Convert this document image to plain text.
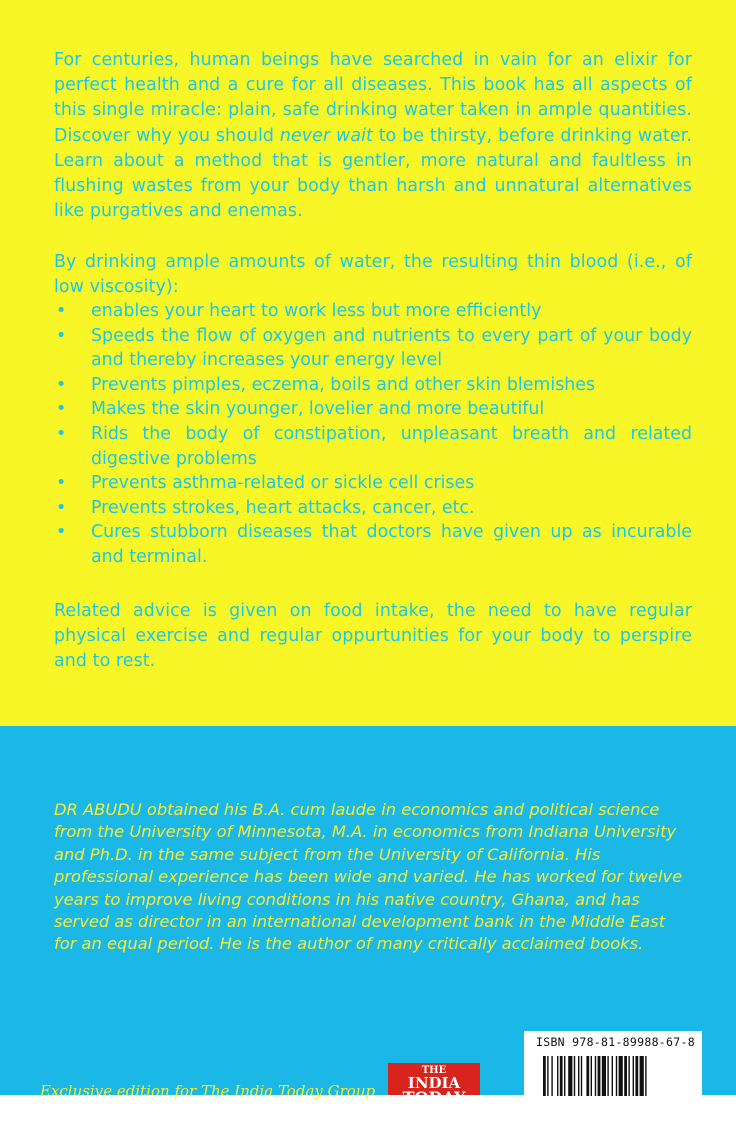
For centuries, human beings have searched in vain for an elixir for perfect health and a cure for all diseases. This book has all aspects of this single miracle: plain, safe drinking water taken in ample quantities. Discover why you should never wait to be thirsty, before drinking water. Learn about a method that is gentler, more natural and faultless in flushing wastes from your body than harsh and unnatural alternatives like purgatives and enemas.

By drinking ample amounts of water, the resulting thin blood (i.e., of low viscosity):

• enables your heart to work less but more efficiently
• Speeds the flow of oxygen and nutrients to every part of your body and thereby increases your energy level
• Prevents pimples, eczema, boils and other skin blemishes
• Makes the skin younger, lovelier and more beautiful
• Rids the body of constipation, unpleasant breath and related digestive problems
• Prevents asthma-related or sickle cell crises
• Prevents strokes, heart attacks, cancer, etc.
• Cures stubborn diseases that doctors have given up as incurable and terminal.

Related advice is given on food intake, the need to have regular physical exercise and regular oppurtunities for your body to perspire and to rest.

DR ABUDU obtained his B.A. cum laude in economics and political science from the University of Minnesota, M.A. in economics from Indiana University and Ph.D. in the same subject from the University of California. His professional experience has been wide and varied. He has worked for twelve years to improve living conditions in his native country, Ghana, and has served as director in an international development bank in the Middle East for an equal period. He is the author of many critically acclaimed books.
Exclusive edition for The India Today Group
THE
INDIA
TODAY
ISBN 978-81-89988-67-8
